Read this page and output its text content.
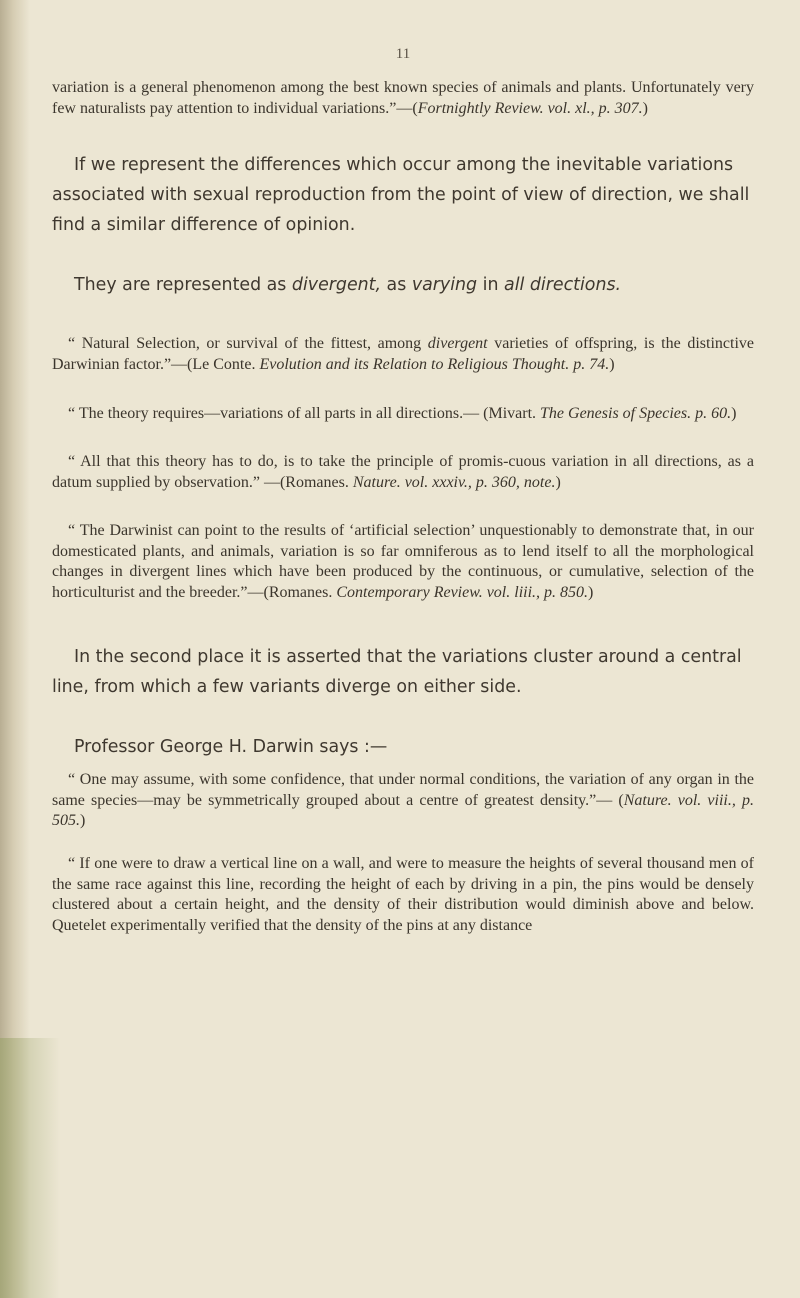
11

variation is a general phenomenon among the best known species of animals and plants. Unfortunately very few naturalists pay attention to individual variations.”—(Fortnightly Review. vol. xl., p. 307.)

If we represent the differences which occur among the inevitable variations associated with sexual reproduction from the point of view of direction, we shall find a similar difference of opinion.

They are represented as divergent, as varying in all directions.

“ Natural Selection, or survival of the fittest, among divergent varieties of offspring, is the distinctive Darwinian factor.”—(Le Conte. Evolution and its Relation to Religious Thought. p. 74.)

“ The theory requires—variations of all parts in all directions.— (Mivart. The Genesis of Species. p. 60.)

“ All that this theory has to do, is to take the principle of promis-cuous variation in all directions, as a datum supplied by observation.” —(Romanes. Nature. vol. xxxiv., p. 360, note.)

“ The Darwinist can point to the results of ‘artificial selection’ unquestionably to demonstrate that, in our domesticated plants, and animals, variation is so far omniferous as to lend itself to all the morphological changes in divergent lines which have been produced by the continuous, or cumulative, selection of the horticulturist and the breeder.”—(Romanes. Contemporary Review. vol. liii., p. 850.)

In the second place it is asserted that the variations cluster around a central line, from which a few variants diverge on either side.

Professor George H. Darwin says :—

“ One may assume, with some confidence, that under normal conditions, the variation of any organ in the same species—may be symmetrically grouped about a centre of greatest density.”— (Nature. vol. viii., p. 505.)

“ If one were to draw a vertical line on a wall, and were to measure the heights of several thousand men of the same race against this line, recording the height of each by driving in a pin, the pins would be densely clustered about a certain height, and the density of their distribution would diminish above and below. Quetelet experimentally verified that the density of the pins at any distance
